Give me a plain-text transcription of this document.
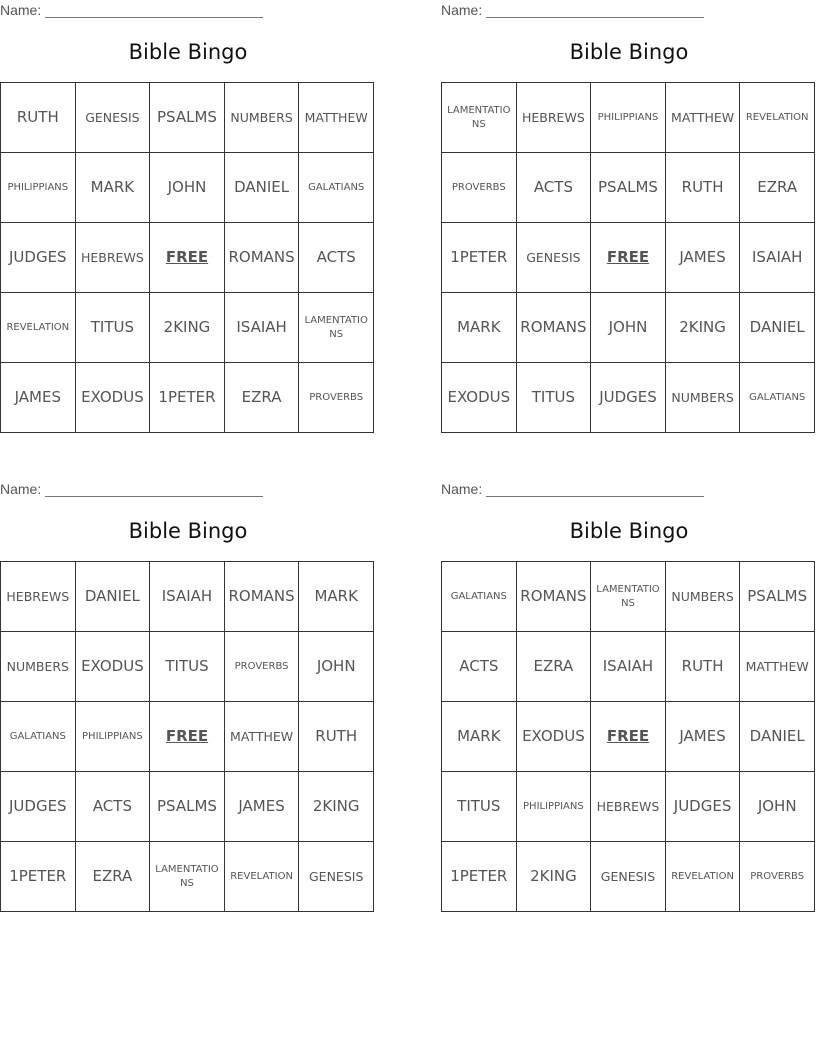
Name:
Bible Bingo
RUTH	GENESIS	PSALMS	NUMBERS	MATTHEW
PHILIPPIANS	MARK	JOHN	DANIEL	GALATIANS
JUDGES	HEBREWS	FREE	ROMANS	ACTS
REVELATION	TITUS	2KING	ISAIAH	LAMENTATIONS
JAMES	EXODUS	1PETER	EZRA	PROVERBS
Name:
Bible Bingo
LAMENTATIONS	HEBREWS	PHILIPPIANS	MATTHEW	REVELATION
PROVERBS	ACTS	PSALMS	RUTH	EZRA
1PETER	GENESIS	FREE	JAMES	ISAIAH
MARK	ROMANS	JOHN	2KING	DANIEL
EXODUS	TITUS	JUDGES	NUMBERS	GALATIANS
Name:
Bible Bingo
HEBREWS	DANIEL	ISAIAH	ROMANS	MARK
NUMBERS	EXODUS	TITUS	PROVERBS	JOHN
GALATIANS	PHILIPPIANS	FREE	MATTHEW	RUTH
JUDGES	ACTS	PSALMS	JAMES	2KING
1PETER	EZRA	LAMENTATIONS	REVELATION	GENESIS
Name:
Bible Bingo
GALATIANS	ROMANS	LAMENTATIONS	NUMBERS	PSALMS
ACTS	EZRA	ISAIAH	RUTH	MATTHEW
MARK	EXODUS	FREE	JAMES	DANIEL
TITUS	PHILIPPIANS	HEBREWS	JUDGES	JOHN
1PETER	2KING	GENESIS	REVELATION	PROVERBS
